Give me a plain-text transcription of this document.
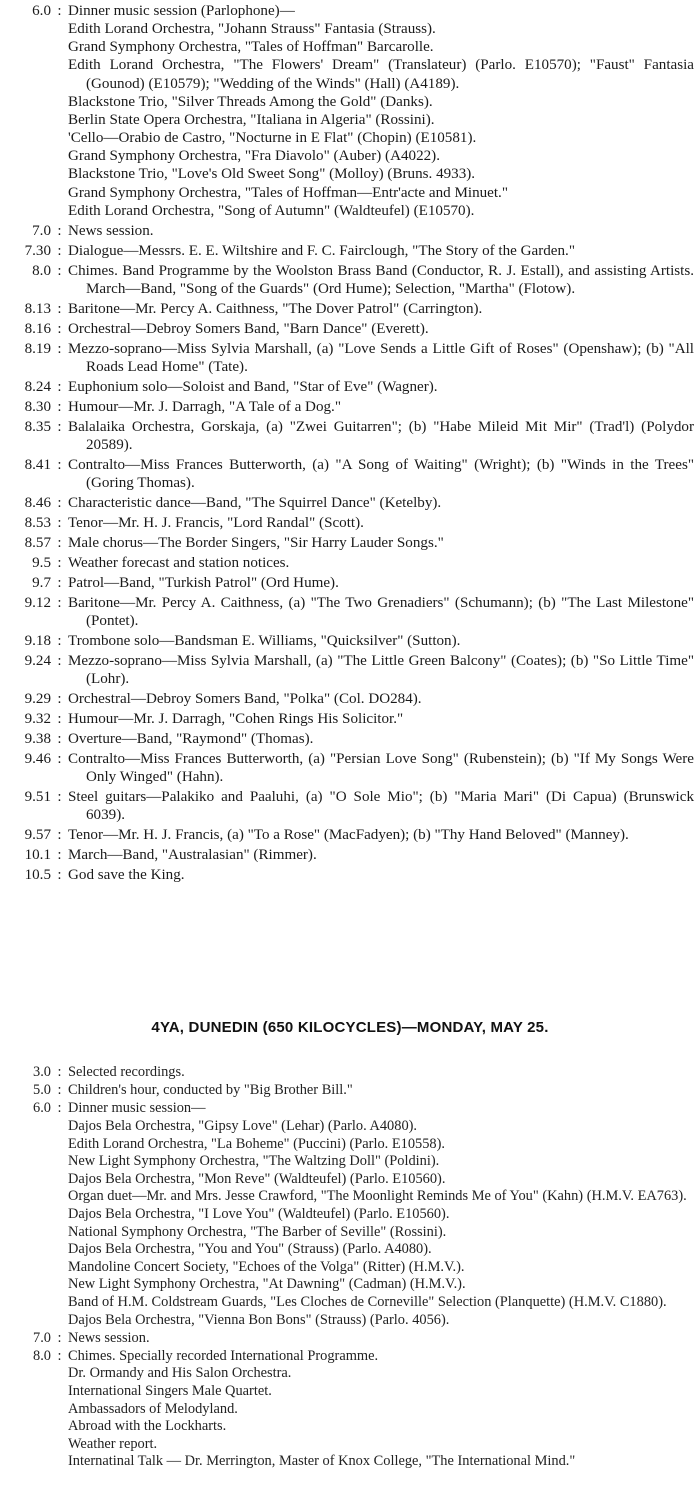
6.0 : Dinner music session (Parlophone)—
Edith Lorand Orchestra, "Johann Strauss" Fantasia (Strauss).
Grand Symphony Orchestra, "Tales of Hoffman" Barcarolle.
Edith Lorand Orchestra, "The Flowers' Dream" (Translateur) (Parlo. E10570); "Faust" Fantasia (Gounod) (E10579); "Wedding of the Winds" (Hall) (A4189).
Blackstone Trio, "Silver Threads Among the Gold" (Danks).
Berlin State Opera Orchestra, "Italiana in Algeria" (Rossini).
'Cello—Orabio de Castro, "Nocturne in E Flat" (Chopin) (E10581).
Grand Symphony Orchestra, "Fra Diavolo" (Auber) (A4022).
Blackstone Trio, "Love's Old Sweet Song" (Molloy) (Bruns. 4933).
Grand Symphony Orchestra, "Tales of Hoffman—Entr'acte and Minuet."
Edith Lorand Orchestra, "Song of Autumn" (Waldteufel) (E10570).
7.0 : News session.
7.30 : Dialogue—Messrs. E. E. Wiltshire and F. C. Fairclough, "The Story of the Garden."
8.0 : Chimes. Band Programme by the Woolston Brass Band (Conductor, R. J. Estall), and assisting Artists. March—Band, "Song of the Guards" (Ord Hume); Selection, "Martha" (Flotow).
8.13 : Baritone—Mr. Percy A. Caithness, "The Dover Patrol" (Carrington).
8.16 : Orchestral—Debroy Somers Band, "Barn Dance" (Everett).
8.19 : Mezzo-soprano—Miss Sylvia Marshall, (a) "Love Sends a Little Gift of Roses" (Openshaw); (b) "All Roads Lead Home" (Tate).
8.24 : Euphonium solo—Soloist and Band, "Star of Eve" (Wagner).
8.30 : Humour—Mr. J. Darragh, "A Tale of a Dog."
8.35 : Balalaika Orchestra, Gorskaja, (a) "Zwei Guitarren"; (b) "Habe Mileid Mit Mir" (Trad'l) (Polydor 20589).
8.41 : Contralto—Miss Frances Butterworth, (a) "A Song of Waiting" (Wright); (b) "Winds in the Trees" (Goring Thomas).
8.46 : Characteristic dance—Band, "The Squirrel Dance" (Ketelby).
8.53 : Tenor—Mr. H. J. Francis, "Lord Randal" (Scott).
8.57 : Male chorus—The Border Singers, "Sir Harry Lauder Songs."
9.5 : Weather forecast and station notices.
9.7 : Patrol—Band, "Turkish Patrol" (Ord Hume).
9.12 : Baritone—Mr. Percy A. Caithness, (a) "The Two Grenadiers" (Schumann); (b) "The Last Milestone" (Pontet).
9.18 : Trombone solo—Bandsman E. Williams, "Quicksilver" (Sutton).
9.24 : Mezzo-soprano—Miss Sylvia Marshall, (a) "The Little Green Balcony" (Coates); (b) "So Little Time" (Lohr).
9.29 : Orchestral—Debroy Somers Band, "Polka" (Col. DO284).
9.32 : Humour—Mr. J. Darragh, "Cohen Rings His Solicitor."
9.38 : Overture—Band, "Raymond" (Thomas).
9.46 : Contralto—Miss Frances Butterworth, (a) "Persian Love Song" (Rubenstein); (b) "If My Songs Were Only Winged" (Hahn).
9.51 : Steel guitars—Palakiko and Paaluhi, (a) "O Sole Mio"; (b) "Maria Mari" (Di Capua) (Brunswick 6039).
9.57 : Tenor—Mr. H. J. Francis, (a) "To a Rose" (MacFadyen); (b) "Thy Hand Beloved" (Manney).
10.1 : March—Band, "Australasian" (Rimmer).
10.5 : God save the King.
4YA, DUNEDIN (650 KILOCYCLES)—MONDAY, MAY 25.
3.0 : Selected recordings.
5.0 : Children's hour, conducted by "Big Brother Bill."
6.0 : Dinner music session—
Dajos Bela Orchestra, "Gipsy Love" (Lehar) (Parlo. A4080).
Edith Lorand Orchestra, "La Boheme" (Puccini) (Parlo. E10558).
New Light Symphony Orchestra, "The Waltzing Doll" (Poldini).
Dajos Bela Orchestra, "Mon Reve" (Waldteufel) (Parlo. E10560).
Organ duet—Mr. and Mrs. Jesse Crawford, "The Moonlight Reminds Me of You" (Kahn) (H.M.V. EA763).
Dajos Bela Orchestra, "I Love You" (Waldteufel) (Parlo. E10560).
National Symphony Orchestra, "The Barber of Seville" (Rossini).
Dajos Bela Orchestra, "You and You" (Strauss) (Parlo. A4080).
Mandoline Concert Society, "Echoes of the Volga" (Ritter) (H.M.V.).
New Light Symphony Orchestra, "At Dawning" (Cadman) (H.M.V.).
Band of H.M. Coldstream Guards, "Les Cloches de Corneville" Selection (Planquette) (H.M.V. C1880).
Dajos Bela Orchestra, "Vienna Bon Bons" (Strauss) (Parlo. 4056).
7.0 : News session.
8.0 : Chimes. Specially recorded International Programme.
Dr. Ormandy and His Salon Orchestra.
International Singers Male Quartet.
Ambassadors of Melodyland.
Abroad with the Lockharts.
Weather report.
Internatinal Talk — Dr. Merrington, Master of Knox College, "The International Mind."
